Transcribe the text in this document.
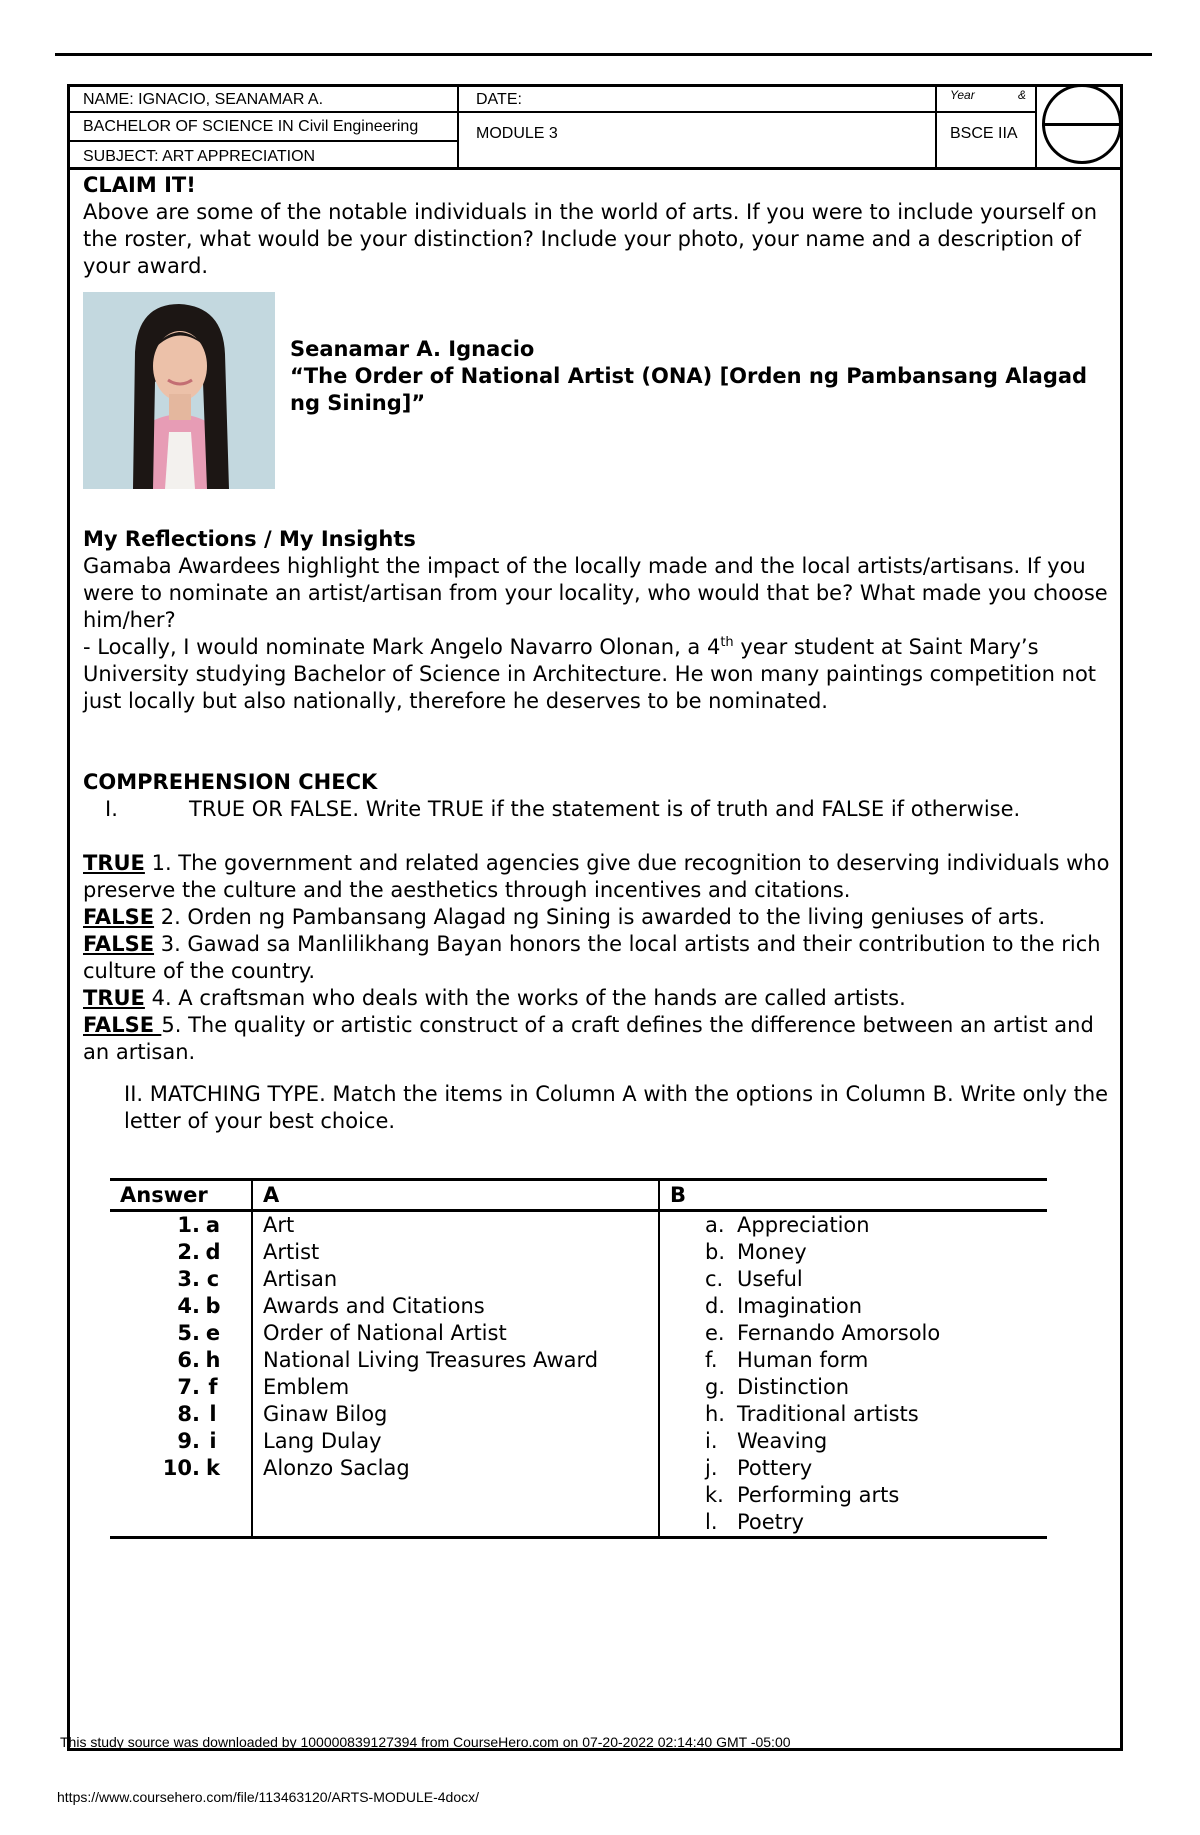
NAME: IGNACIO, SEANAMAR A.
BACHELOR OF SCIENCE IN Civil Engineering
SUBJECT: ART APPRECIATION
DATE:
MODULE 3
Year	&
BSCE IIA

CLAIM IT!

Above are some of the notable individuals in the world of arts. If you were to include yourself on the roster, what would be your distinction? Include your photo, your name and a description of your award.

Seanamar A. Ignacio

“The Order of National Artist (ONA) [Orden ng Pambansang Alagad ng Sining]”

My Reflections / My Insights

Gamaba Awardees highlight the impact of the locally made and the local artists/artisans. If you were to nominate an artist/artisan from your locality, who would that be? What made you choose him/her?

- Locally, I would nominate Mark Angelo Navarro Olonan, a 4th year student at Saint Mary’s University studying Bachelor of Science in Architecture. He won many paintings competition not just locally but also nationally, therefore he deserves to be nominated.

COMPREHENSION CHECK

I.	TRUE OR FALSE. Write TRUE if the statement is of truth and FALSE if otherwise.

TRUE 1. The government and related agencies give due recognition to deserving individuals who preserve the culture and the aesthetics through incentives and citations.

FALSE 2. Orden ng Pambansang Alagad ng Sining is awarded to the living geniuses of arts.

FALSE 3. Gawad sa Manlilikhang Bayan honors the local artists and their contribution to the rich culture of the country.

TRUE 4. A craftsman who deals with the works of the hands are called artists.

FALSE 5. The quality or artistic construct of a craft defines the difference between an artist and an artisan.

II. MATCHING TYPE. Match the items in Column A with the options in Column B. Write only the letter of your best choice.

Answer	A	B
1. a	Art	a. Appreciation
2. d	Artist	b. Money
3. c	Artisan	c. Useful
4. b	Awards and Citations	d. Imagination
5. e	Order of National Artist	e. Fernando Amorsolo
6. h	National Living Treasures Award	f. Human form
7. f	Emblem	g. Distinction
8. l	Ginaw Bilog	h. Traditional artists
9. i	Lang Dulay	i. Weaving
10. k	Alonzo Saclag	j. Pottery
		k. Performing arts
		l. Poetry
This study source was downloaded by 100000839127394 from CourseHero.com on 07-20-2022 02:14:40 GMT -05:00
https://www.coursehero.com/file/113463120/ARTS-MODULE-4docx/
